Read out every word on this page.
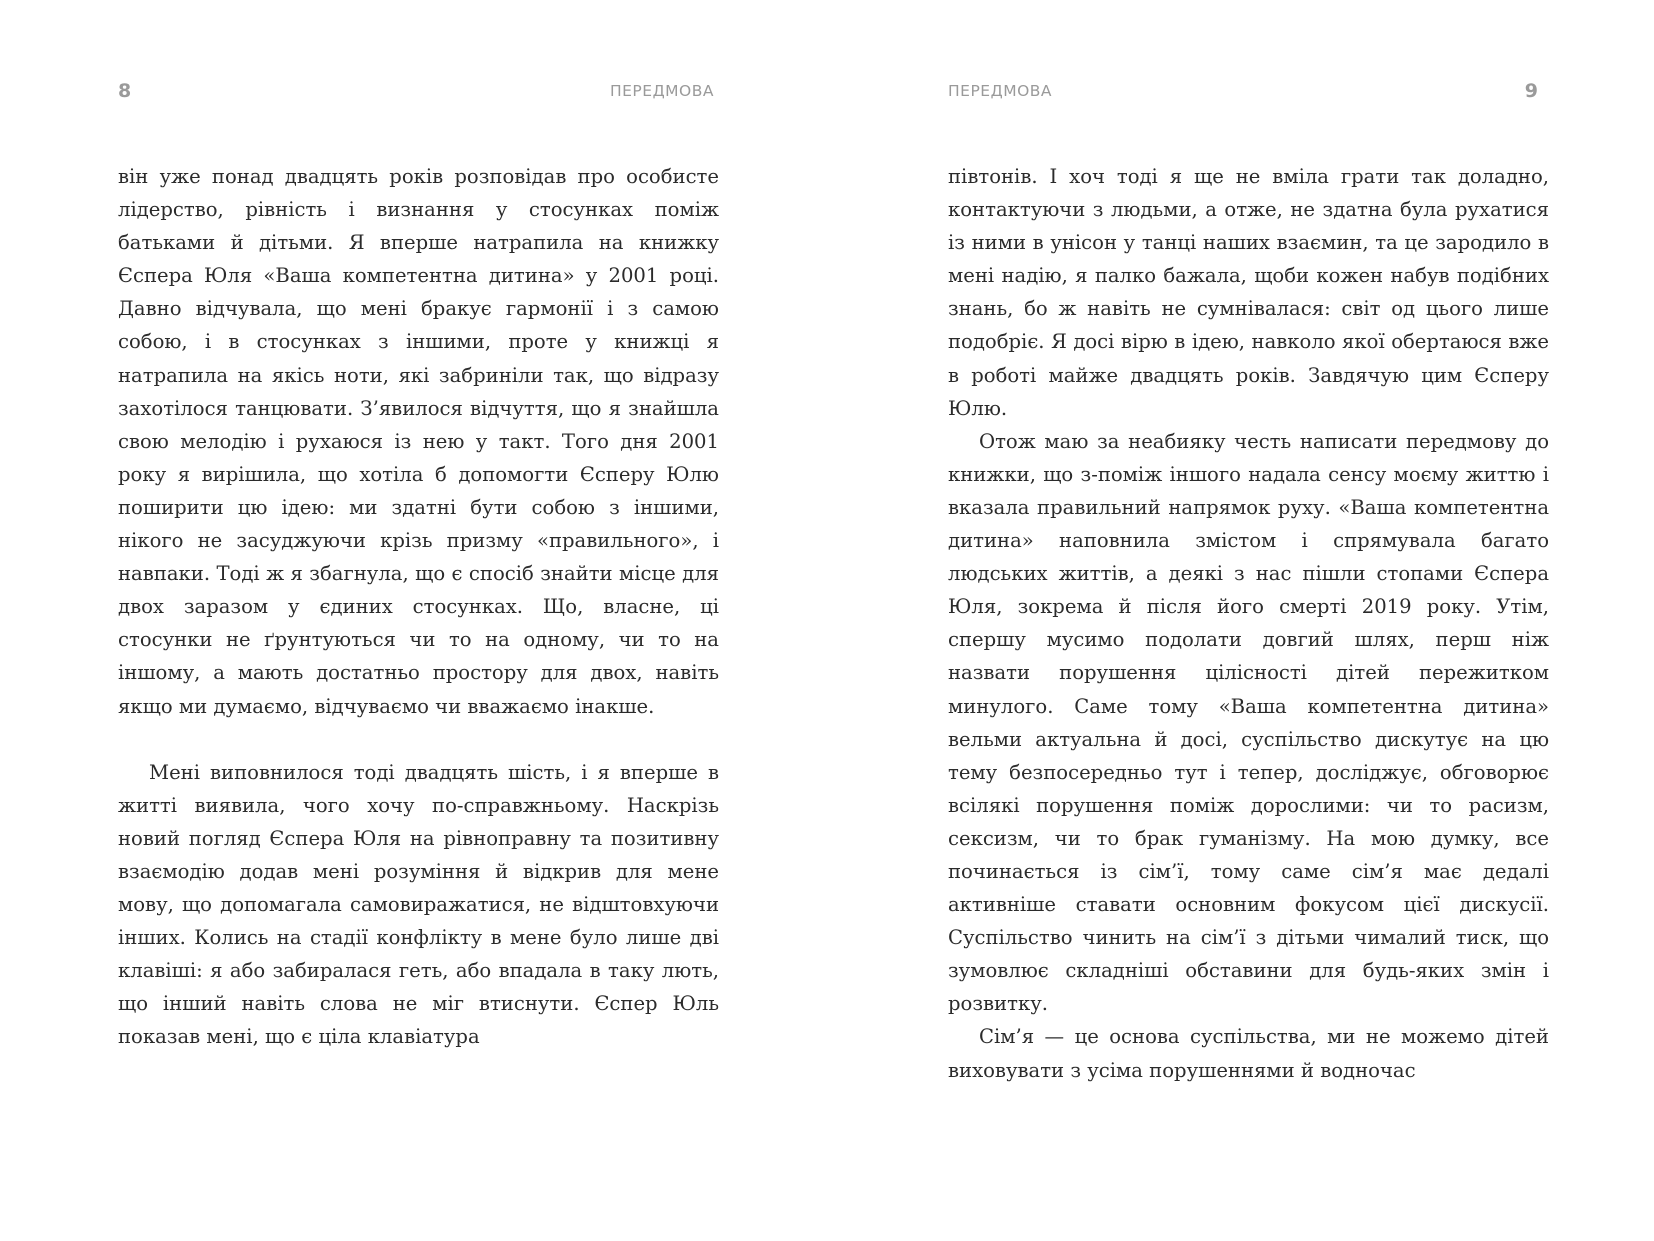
8	ПЕРЕДМОВА

він уже понад двадцять років розповідав про особисте лідерство, рівність і визнання у стосунках поміж батьками й дітьми. Я вперше натрапила на книжку Єспера Юля «Ваша компетентна дитина» у 2001 році. Давно відчувала, що мені бракує гармонії і з самою собою, і в стосунках з іншими, проте у книжці я натрапила на якісь ноти, які забриніли так, що відразу захотілося танцювати. З’явилося відчуття, що я знайшла свою мелодію і рухаюся із нею у такт. Того дня 2001 року я вирішила, що хотіла б допомогти Єсперу Юлю поширити цю ідею: ми здатні бути собою з іншими, нікого не засуджуючи крізь призму «правильного», і навпаки. Тоді ж я збагнула, що є спосіб знайти місце для двох заразом у єдиних стосунках. Що, власне, ці стосунки не ґрунтуються чи то на одному, чи то на іншому, а мають достатньо простору для двох, навіть якщо ми думаємо, відчуваємо чи вважаємо інакше.

Мені виповнилося тоді двадцять шість, і я вперше в житті виявила, чого хочу по-справжньому. Наскрізь новий погляд Єспера Юля на рівноправну та позитивну взаємодію додав мені розуміння й відкрив для мене мову, що допомагала самовиражатися, не відштовхуючи інших. Колись на стадії конфлікту в мене було лише дві клавіші: я або забиралася геть, або впадала в таку лють, що інший навіть слова не міг втиснути. Єспер Юль показав мені, що є ціла клавіатура

ПЕРЕДМОВА	9

півтонів. І хоч тоді я ще не вміла грати так доладно, контактуючи з людьми, а отже, не здатна була рухатися із ними в унісон у танці наших взаємин, та це зародило в мені надію, я палко бажала, щоби кожен набув подібних знань, бо ж навіть не сумнівалася: світ од цього лише подобріє. Я досі вірю в ідею, навколо якої обертаюся вже в роботі майже двадцять років. Завдячую цим Єсперу Юлю.

Отож маю за неабияку честь написати передмову до книжки, що з-поміж іншого надала сенсу моєму життю і вказала правильний напрямок руху. «Ваша компетентна дитина» наповнила змістом і спрямувала багато людських життів, а деякі з нас пішли стопами Єспера Юля, зокрема й після його смерті 2019 року. Утім, спершу мусимо подолати довгий шлях, перш ніж назвати порушення цілісності дітей пережитком минулого. Саме тому «Ваша компетентна дитина» вельми актуальна й досі, суспільство дискутує на цю тему безпосередньо тут і тепер, досліджує, обговорює всілякі порушення поміж дорослими: чи то расизм, сексизм, чи то брак гуманізму. На мою думку, все починається із сім’ї, тому саме сім’я має дедалі активніше ставати основним фокусом цієї дискусії. Суспільство чинить на сім’ї з дітьми чималий тиск, що зумовлює складніші обставини для будь-яких змін і розвитку.

Сім’я — це основа суспільства, ми не можемо дітей виховувати з усіма порушеннями й водночас
